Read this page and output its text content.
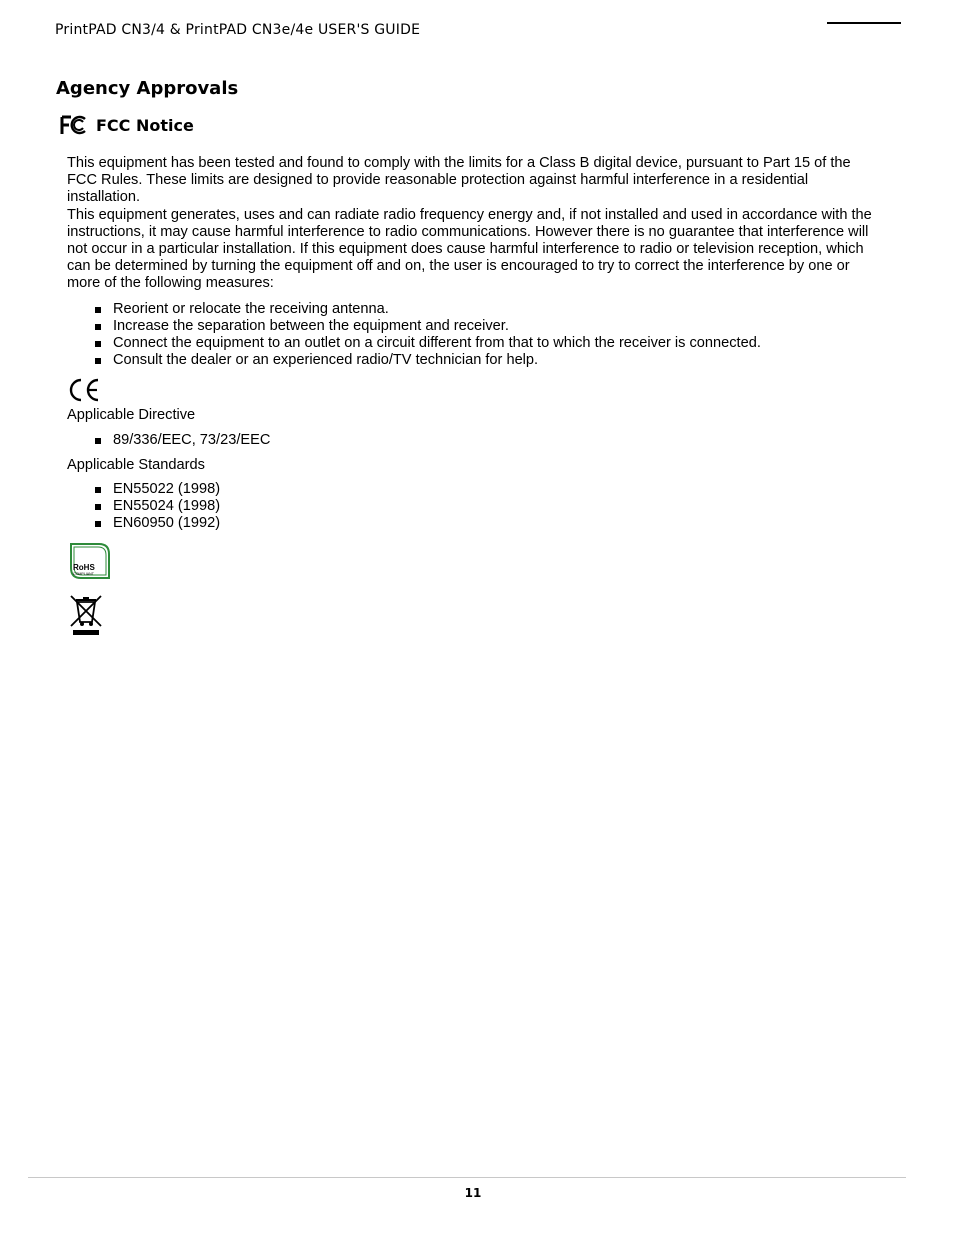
PrintPAD CN3/4 & PrintPAD CN3e/4e USER'S GUIDE
Agency Approvals
FCC Notice

This equipment has been tested and found to comply with the limits for a Class B digital device, pursuant to Part 15 of the FCC Rules. These limits are designed to provide reasonable protection against harmful interference in a residential installation.

This equipment generates, uses and can radiate radio frequency energy and, if not installed and used in accordance with the instructions, it may cause harmful interference to radio communications. However there is no guarantee that interference will not occur in a particular installation. If this equipment does cause harmful interference to radio or television reception, which can be determined by turning the equipment off and on, the user is encouraged to try to correct the interference by one or more of the following measures:

Reorient or relocate the receiving antenna.
Increase the separation between the equipment and receiver.
Connect the equipment to an outlet on a circuit different from that to which the receiver is connected.
Consult the dealer or an experienced radio/TV technician for help.
Applicable Directive
89/336/EEC, 73/23/EEC
Applicable Standards
EN55022 (1998)
EN55024 (1998)
EN60950 (1992)
RoHS
COMPLIANT
11
